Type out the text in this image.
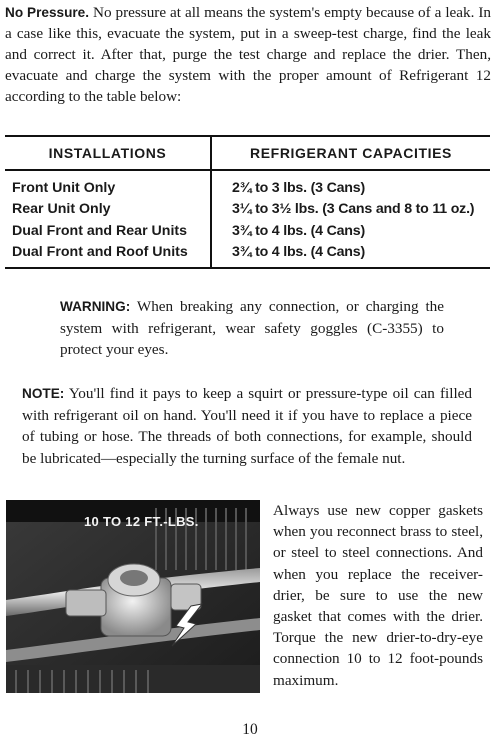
No Pressure. No pressure at all means the system's empty because of a leak. In a case like this, evacuate the system, put in a sweep-test charge, find the leak and correct it. After that, purge the test charge and replace the drier. Then, evacuate and charge the system with the proper amount of Refrigerant 12 according to the table below:

INSTALLATIONS	REFRIGERANT CAPACITIES
Front Unit Only	2¾ to 3 lbs. (3 Cans)
Rear Unit Only	3¼ to 3½ lbs. (3 Cans and 8 to 11 oz.)
Dual Front and Rear Units	3¾ to 4 lbs. (4 Cans)
Dual Front and Roof Units	3¾ to 4 lbs. (4 Cans)

WARNING: When breaking any connection, or charging the system with refrigerant, wear safety goggles (C-3355) to protect your eyes.

NOTE: You'll find it pays to keep a squirt or pressure-type oil can filled with refrigerant oil on hand. You'll need it if you have to replace a piece of tubing or hose. The threads of both connections, for example, should be lubricated—especially the turning surface of the female nut.

10 TO 12 FT.-LBS.

Always use new copper gaskets when you reconnect brass to steel, or steel to steel connections. And when you replace the receiver-drier, be sure to use the new gasket that comes with the drier. Torque the new drier-to-dry-eye connection 10 to 12 foot-pounds maximum.

10
